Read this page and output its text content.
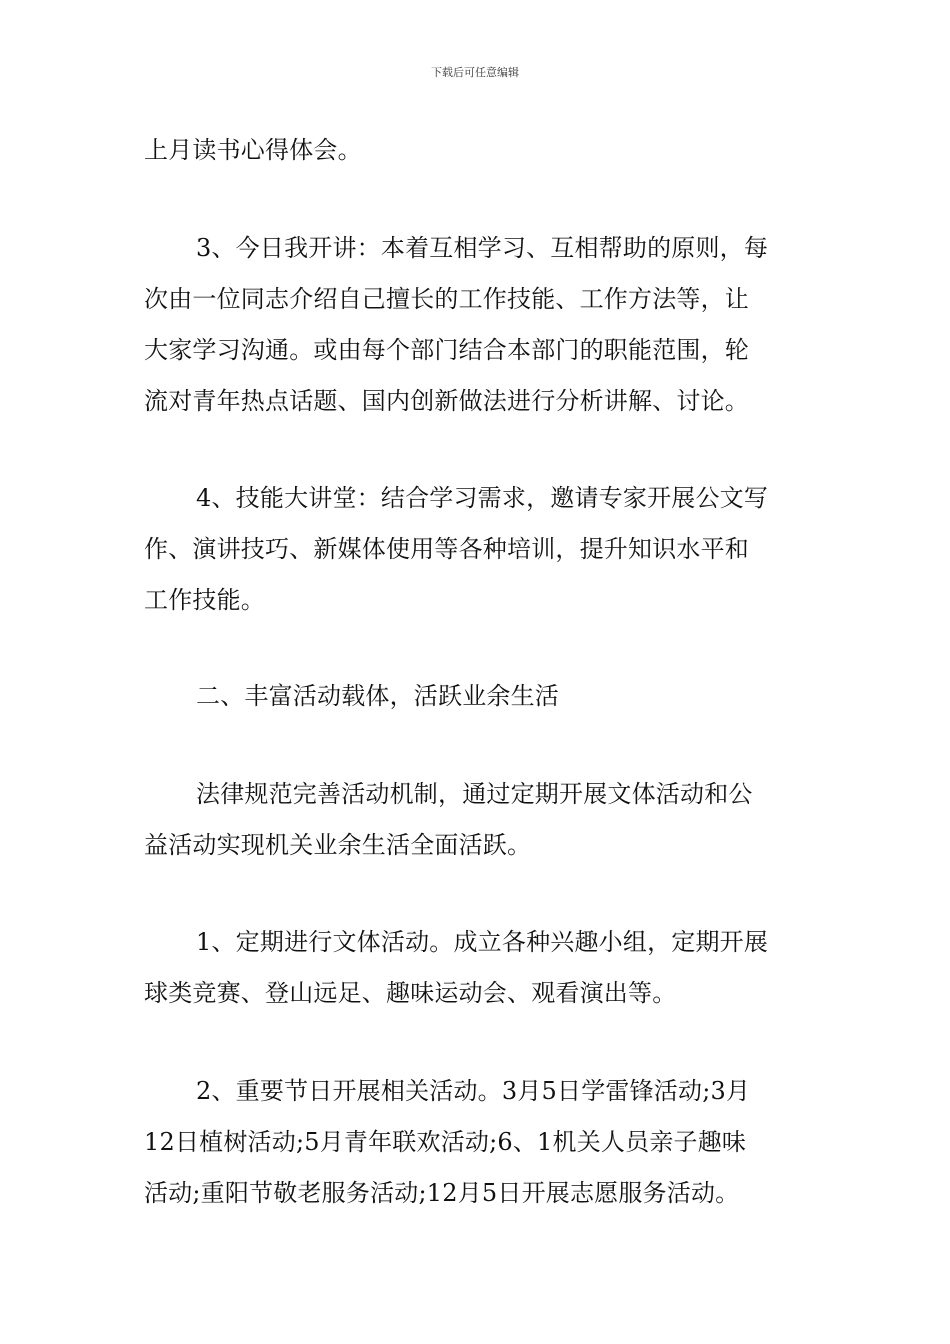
下载后可任意编辑
上月读书心得体会。
3、今日我开讲：本着互相学习、互相帮助的原则，每
次由一位同志介绍自己擅长的工作技能、工作方法等，让
大家学习沟通。或由每个部门结合本部门的职能范围，轮
流对青年热点话题、国内创新做法进行分析讲解、讨论。
4、技能大讲堂：结合学习需求，邀请专家开展公文写
作、演讲技巧、新媒体使用等各种培训，提升知识水平和
工作技能。
二、丰富活动载体，活跃业余生活
法律规范完善活动机制，通过定期开展文体活动和公
益活动实现机关业余生活全面活跃。
1、定期进行文体活动。成立各种兴趣小组，定期开展
球类竞赛、登山远足、趣味运动会、观看演出等。
2、重要节日开展相关活动。3月5日学雷锋活动;3月
12日植树活动;5月青年联欢活动;6、1机关人员亲子趣味
活动;重阳节敬老服务活动;12月5日开展志愿服务活动。
